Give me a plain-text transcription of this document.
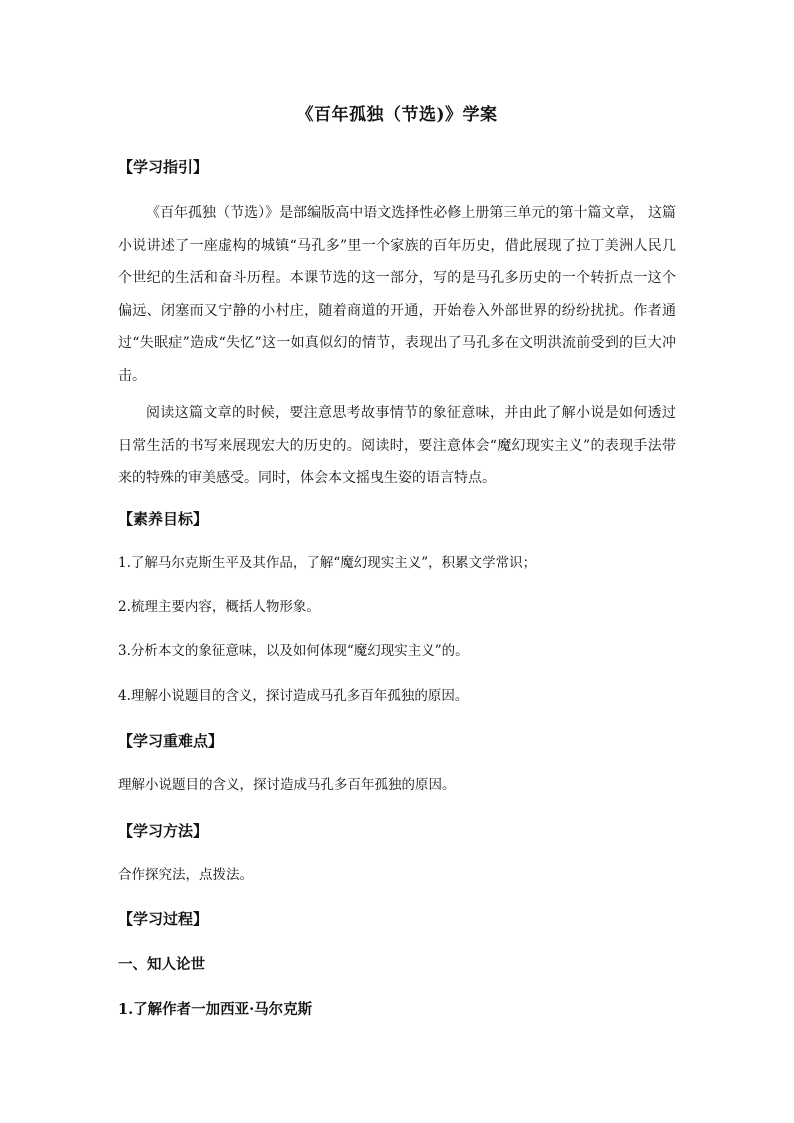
《百年孤独（节选)》学案
【学习指引】

《百年孤独（节选）》是部编版高中语文选择性必修上册第三单元的第十篇文章， 这篇小说讲述了一座虚构的城镇“马孔多”里一个家族的百年历史，借此展现了拉丁美洲人民几个世纪的生活和奋斗历程。本课节选的这一部分，写的是马孔多历史的一个转折点一这个偏远、闭塞而又宁静的小村庄，随着商道的开通，开始卷入外部世界的纷纷扰扰。作者通过“失眠症”造成“失忆”这一如真似幻的情节，表现出了马孔多在文明洪流前受到的巨大冲击。

阅读这篇文章的时候，要注意思考故事情节的象征意味，并由此了解小说是如何透过日常生活的书写来展现宏大的历史的。阅读时，要注意体会“魔幻现实主义”的表现手法带来的特殊的审美感受。同时，体会本文摇曳生姿的语言特点。

【素养目标】
1.了解马尔克斯生平及其作品，了解“魔幻现实主义”，积累文学常识；
2.梳理主要内容，概括人物形象。
3.分析本文的象征意味，以及如何体现“魔幻现实主义”的。
4.理解小说题目的含义，探讨造成马孔多百年孤独的原因。
【学习重难点】
理解小说题目的含义，探讨造成马孔多百年孤独的原因。
【学习方法】
合作探究法，点拨法。
【学习过程】
一、知人论世
1.了解作者一加西亚·马尔克斯
